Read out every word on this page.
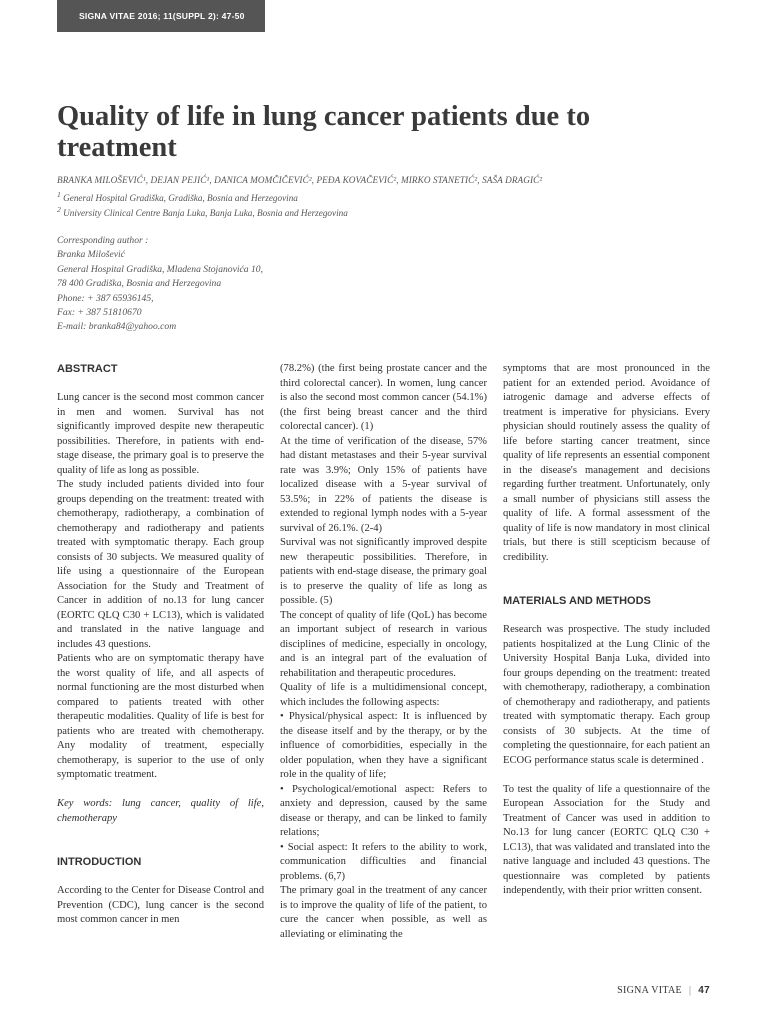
SIGNA VITAE 2016; 11(SUPPL 2): 47-50
Quality of life in lung cancer patients due to treatment
BRANKA MILOŠEVIĆ¹, DEJAN PEJIĆ¹, DANICA MOMČIČEVIĆ², PEĐA KOVAČEVIĆ², MIRKO STANETIĆ², SAŠA DRAGIĆ²
$^1$ General Hospital Gradiška, Gradiška, Bosnia and Herzegovina
$^2$ University Clinical Centre Banja Luka, Banja Luka, Bosnia and Herzegovina
Corresponding author :
Branka Milošević
General Hospital Gradiška, Mladena Stojanovića 10,
78 400 Gradiška, Bosnia and Herzegovina
Phone: + 387 65936145,
Fax: + 387 51810670
E-mail: branka84@yahoo.com
ABSTRACT

Lung cancer is the second most common cancer in men and women. Survival has not significantly improved despite new therapeutic possibilities. Therefore, in patients with end-stage disease, the primary goal is to preserve the quality of life as long as possible.

The study included patients divided into four groups depending on the treatment: treated with chemotherapy, radiotherapy, a combination of chemotherapy and radiotherapy and patients treated with symptomatic therapy. Each group consists of 30 subjects. We measured quality of life using a questionnaire of the European Association for the Study and Treatment of Cancer in addition of no.13 for lung cancer (EORTC QLQ C30 + LC13), which is validated and translated in the native language and includes 43 questions.

Patients who are on symptomatic therapy have the worst quality of life, and all aspects of normal functioning are the most disturbed when compared to patients treated with other therapeutic modalities. Quality of life is best for patients who are treated with chemotherapy. Any modality of treatment, especially chemotherapy, is superior to the use of only symptomatic treatment.

Key words: lung cancer, quality of life, chemotherapy

INTRODUCTION

According to the Center for Disease Control and Prevention (CDC), lung cancer is the second most common cancer in men

(78.2%) (the first being prostate cancer and the third colorectal cancer). In women, lung cancer is also the second most common cancer (54.1%) (the first being breast cancer and the third colorectal cancer). (1)

At the time of verification of the disease, 57% had distant metastases and their 5-year survival rate was 3.9%; Only 15% of patients have localized disease with a 5-year survival of 53.5%; in 22% of patients the disease is extended to regional lymph nodes with a 5-year survival of 26.1%. (2-4)

Survival was not significantly improved despite new therapeutic possibilities. Therefore, in patients with end-stage disease, the primary goal is to preserve the quality of life as long as possible. (5)

The concept of quality of life (QoL) has become an important subject of research in various disciplines of medicine, especially in oncology, and is an integral part of the evaluation of rehabilitation and therapeutic procedures.

Quality of life is a multidimensional concept, which includes the following aspects:

• Physical/physical aspect: It is influenced by the disease itself and by the therapy, or by the influence of comorbidities, especially in the older population, when they have a significant role in the quality of life;

• Psychological/emotional aspect: Refers to anxiety and depression, caused by the same disease or therapy, and can be linked to family relations;

• Social aspect: It refers to the ability to work, communication difficulties and financial problems. (6,7)

The primary goal in the treatment of any cancer is to improve the quality of life of the patient, to cure the cancer when possible, as well as alleviating or eliminating the

symptoms that are most pronounced in the patient for an extended period. Avoidance of iatrogenic damage and adverse effects of treatment is imperative for physicians. Every physician should routinely assess the quality of life before starting cancer treatment, since quality of life represents an essential component in the disease's management and decisions regarding further treatment. Unfortunately, only a small number of physicians still assess the quality of life. A formal assessment of the quality of life is now mandatory in most clinical trials, but there is still scepticism because of credibility.

MATERIALS AND METHODS

Research was prospective. The study included patients hospitalized at the Lung Clinic of the University Hospital Banja Luka, divided into four groups depending on the treatment: treated with chemotherapy, radiotherapy, a combination of chemotherapy and radiotherapy, and patients treated with symptomatic therapy. Each group consists of 30 subjects. At the time of completing the questionnaire, for each patient an ECOG performance status scale is determined .

To test the quality of life a questionnaire of the European Association for the Study and Treatment of Cancer was used in addition to No.13 for lung cancer (EORTC QLQ C30 + LC13), that was validated and translated into the native language and included 43 questions. The questionnaire was completed by patients independently, with their prior written consent.

SIGNA VITAE | 47
